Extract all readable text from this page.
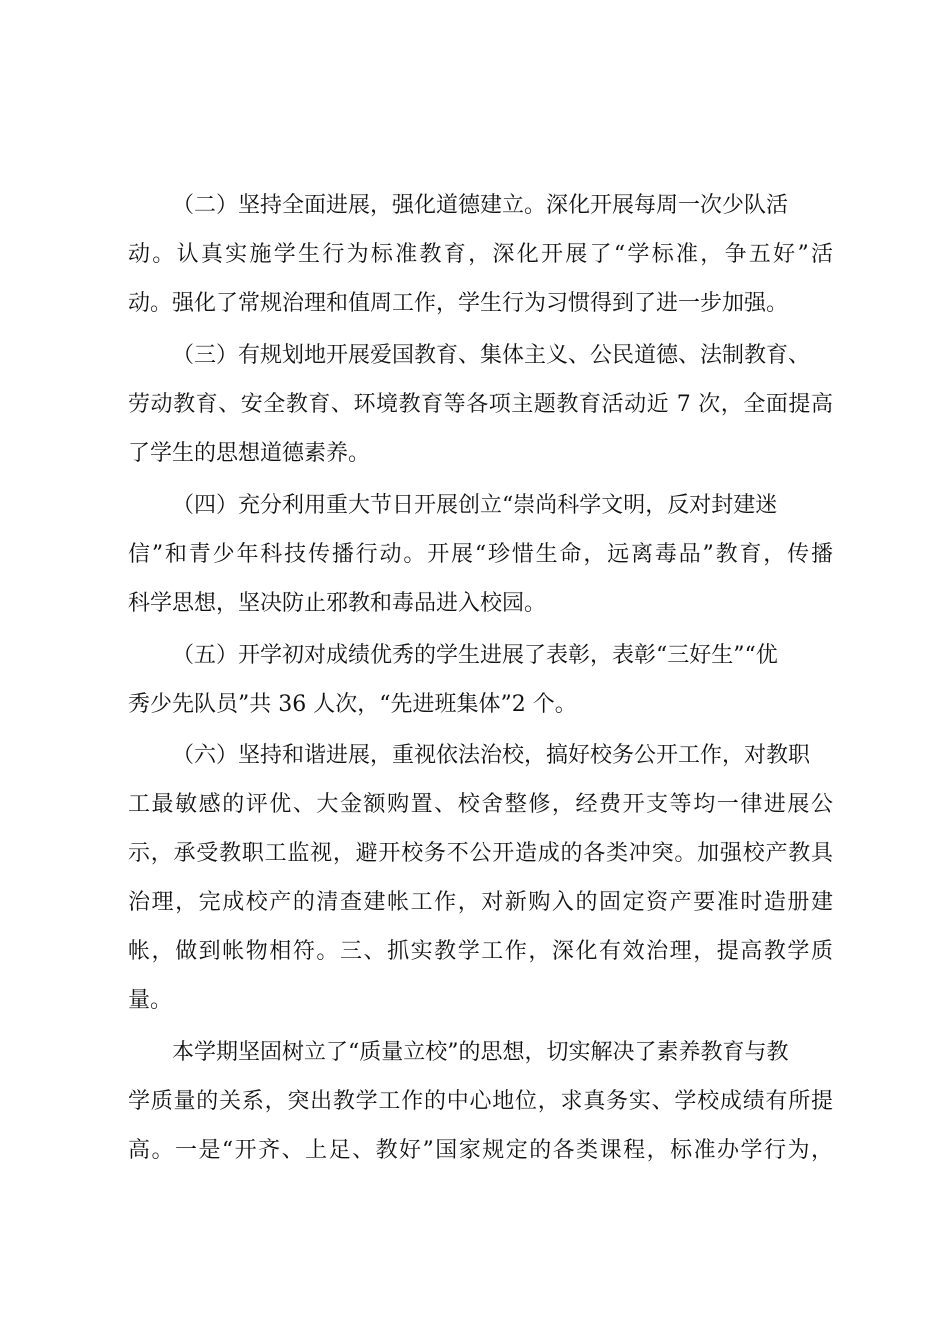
（二）坚持全面进展，强化道德建立。深化开展每周一次少队活
动。认真实施学生行为标准教育，深化开展了“学标准，争五好”活
动。强化了常规治理和值周工作，学生行为习惯得到了进一步加强。
（三）有规划地开展爱国教育、集体主义、公民道德、法制教育、
劳动教育、安全教育、环境教育等各项主题教育活动近 7 次，全面提高
了学生的思想道德素养。
（四）充分利用重大节日开展创立“崇尚科学文明，反对封建迷
信”和青少年科技传播行动。开展“珍惜生命，远离毒品”教育，传播
科学思想，坚决防止邪教和毒品进入校园。
（五）开学初对成绩优秀的学生进展了表彰，表彰“三好生”“优
秀少先队员”共 36 人次，“先进班集体”2 个。
（六）坚持和谐进展，重视依法治校，搞好校务公开工作，对教职
工最敏感的评优、大金额购置、校舍整修，经费开支等均一律进展公
示，承受教职工监视，避开校务不公开造成的各类冲突。加强校产教具
治理，完成校产的清查建帐工作，对新购入的固定资产要准时造册建
帐，做到帐物相符。三、抓实教学工作，深化有效治理，提高教学质
量。
本学期坚固树立了“质量立校”的思想，切实解决了素养教育与教
学质量的关系，突出教学工作的中心地位，求真务实、学校成绩有所提
高。一是“开齐、上足、教好”国家规定的各类课程，标准办学行为，
